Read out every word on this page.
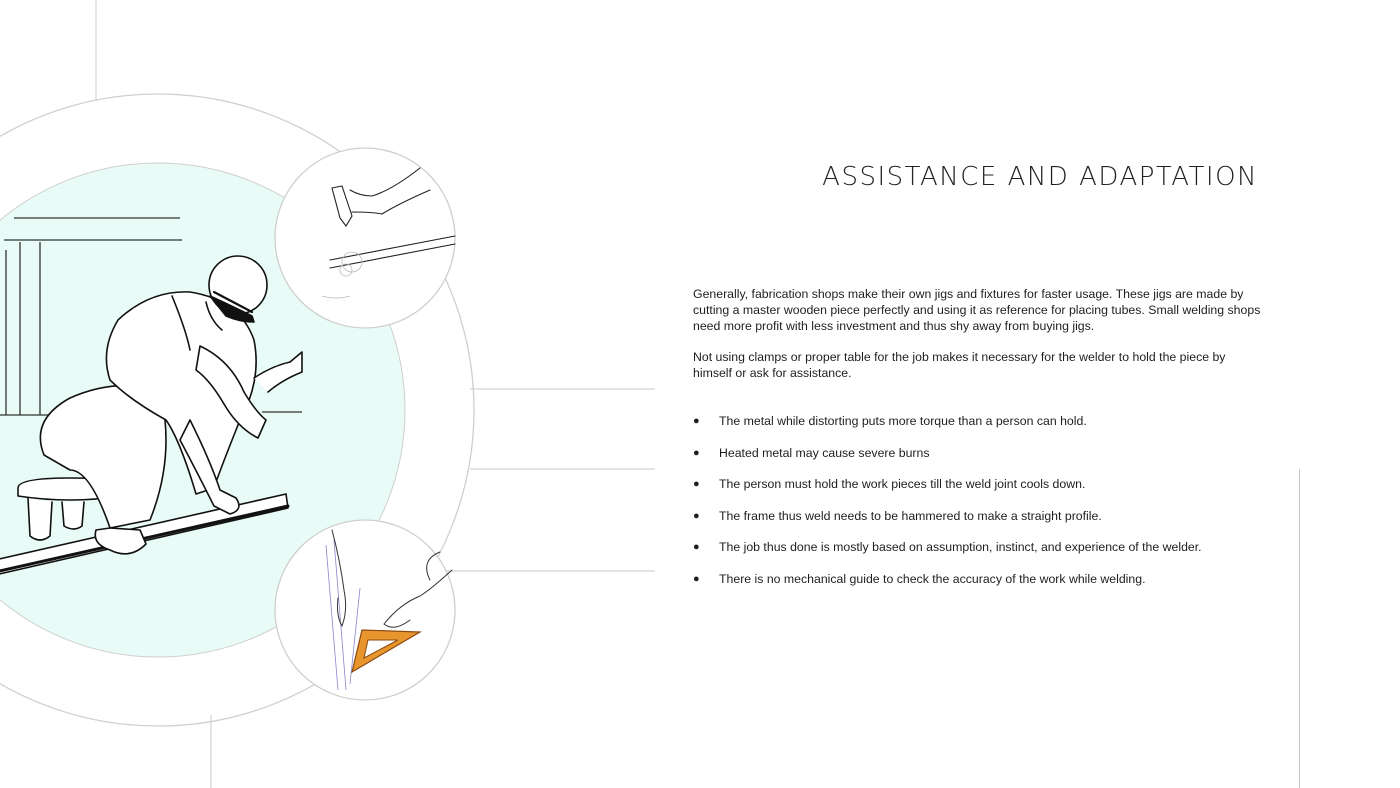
ASSISTANCE AND ADAPTATION

Generally, fabrication shops make their own jigs and fixtures for faster usage. These jigs are made by cutting a master wooden piece perfectly and using it as reference for placing tubes. Small welding shops need more profit with less investment and thus shy away from buying jigs.

Not using clamps or proper table for the job makes it necessary for the welder to hold the piece by himself or ask for assistance.

● The metal while distorting puts more torque than a person can hold.
● Heated metal may cause severe burns
● The person must hold the work pieces till the weld joint cools down.
● The frame thus weld needs to be hammered to make a straight profile.
● The job thus done is mostly based on assumption, instinct, and experience of the welder.
● There is no mechanical guide to check the accuracy of the work while welding.
